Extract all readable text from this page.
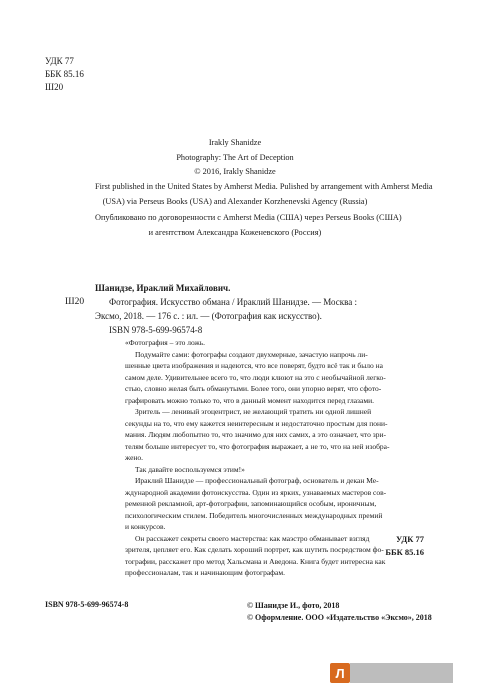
УДК 77
ББК 85.16
Ш20
Irakly Shanidze
Photography: The Art of Deception
© 2016, Irakly Shanidze
First published in the United States by Amherst Media. Pulished by arrangement with Amherst Media
(USA) via Perseus Books (USA) and Alexander Korzhenevski Agency (Russia)
Опубликовано по договоренности с Amherst Media (США) через Perseus Books (США)
и агентством Александра Коженевского (Россия)
Ш20
Шанидзе, Ираклий Михайлович.
Фотография. Искусство обмана / Ираклий Шанидзе. — Москва :
Эксмо, 2018. — 176 с. : ил. — (Фотография как искусство).
ISBN 978-5-699-96574-8
«Фотография – это ложь.
Подумайте сами: фотографы создают двухмерные, зачастую напрочь ли-
шенные цвета изображения и надеются, что все поверят, будто всё так и было на
самом деле. Удивительнее всего то, что люди клюют на это с необычайной легко-
стью, словно желая быть обманутыми. Более того, они упорно верят, что сфото-
графировать можно только то, что в данный момент находится перед глазами.
Зритель — ленивый эгоцентрист, не желающий тратить ни одной лишней
секунды на то, что ему кажется неинтересным и недостаточно простым для пони-
мания. Людям любопытно то, что значимо для них самих, а это означает, что зри-
телям больше интересует то, что фотография выражает, а не то, что на ней изобра-
жено.
Так давайте воспользуемся этим!»
Ираклий Шанидзе — профессиональный фотограф, основатель и декан Ме-
ждународной академии фотоискусства. Один из ярких, узнаваемых мастеров сов-
ременной рекламной, арт-фотографии, запоминающийся особым, ироничным,
психологическим стилем. Победитель многочисленных международных премий
и конкурсов.
Он расскажет секреты своего мастерства: как маэстро обманывает взгляд
зрителя, цепляет его. Как сделать хороший портрет, как шутить посредством фо-
тографии, расскажет про метод Хальсмана и Аведона. Книга будет интересна как
профессионалам, так и начинающим фотографам.
УДК 77
ББК 85.16
ISBN 978-5-699-96574-8	© Шанидзе И., фото, 2018
© Оформление. ООО «Издательство «Эксмо», 2018
Л
